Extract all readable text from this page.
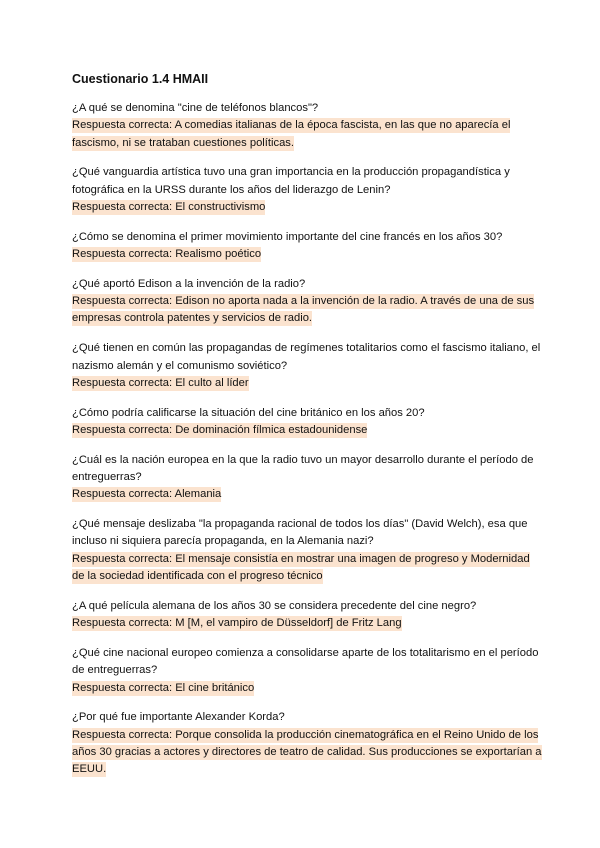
Cuestionario 1.4 HMAII

¿A qué se denomina "cine de teléfonos blancos"?

Respuesta correcta: A comedias italianas de la época fascista, en las que no aparecía el fascismo, ni se trataban cuestiones políticas.

¿Qué vanguardia artística tuvo una gran importancia en la producción propagandística y fotográfica en la URSS durante los años del liderazgo de Lenin?

Respuesta correcta: El constructivismo

¿Cómo se denomina el primer movimiento importante del cine francés en los años 30?

Respuesta correcta: Realismo poético

¿Qué aportó Edison a la invención de la radio?

Respuesta correcta: Edison no aporta nada a la invención de la radio. A través de una de sus empresas controla patentes y servicios de radio.

¿Qué tienen en común las propagandas de regímenes totalitarios como el fascismo italiano, el nazismo alemán y el comunismo soviético?

Respuesta correcta: El culto al líder

¿Cómo podría calificarse la situación del cine británico en los años 20?

Respuesta correcta: De dominación fílmica estadounidense

¿Cuál es la nación europea en la que la radio tuvo un mayor desarrollo durante el período de entreguerras?

Respuesta correcta: Alemania

¿Qué mensaje deslizaba "la propaganda racional de todos los días" (David Welch), esa que incluso ni siquiera parecía propaganda, en la Alemania nazi?

Respuesta correcta: El mensaje consistía en mostrar una imagen de progreso y Modernidad de la sociedad identificada con el progreso técnico

¿A qué película alemana de los años 30 se considera precedente del cine negro?

Respuesta correcta: M [M, el vampiro de Düsseldorf] de Fritz Lang

¿Qué cine nacional europeo comienza a consolidarse aparte de los totalitarismo en el período de entreguerras?

Respuesta correcta: El cine británico

¿Por qué fue importante Alexander Korda?

Respuesta correcta: Porque consolida la producción cinematográfica en el Reino Unido de los años 30 gracias a actores y directores de teatro de calidad. Sus producciones se exportarían a EEUU.
